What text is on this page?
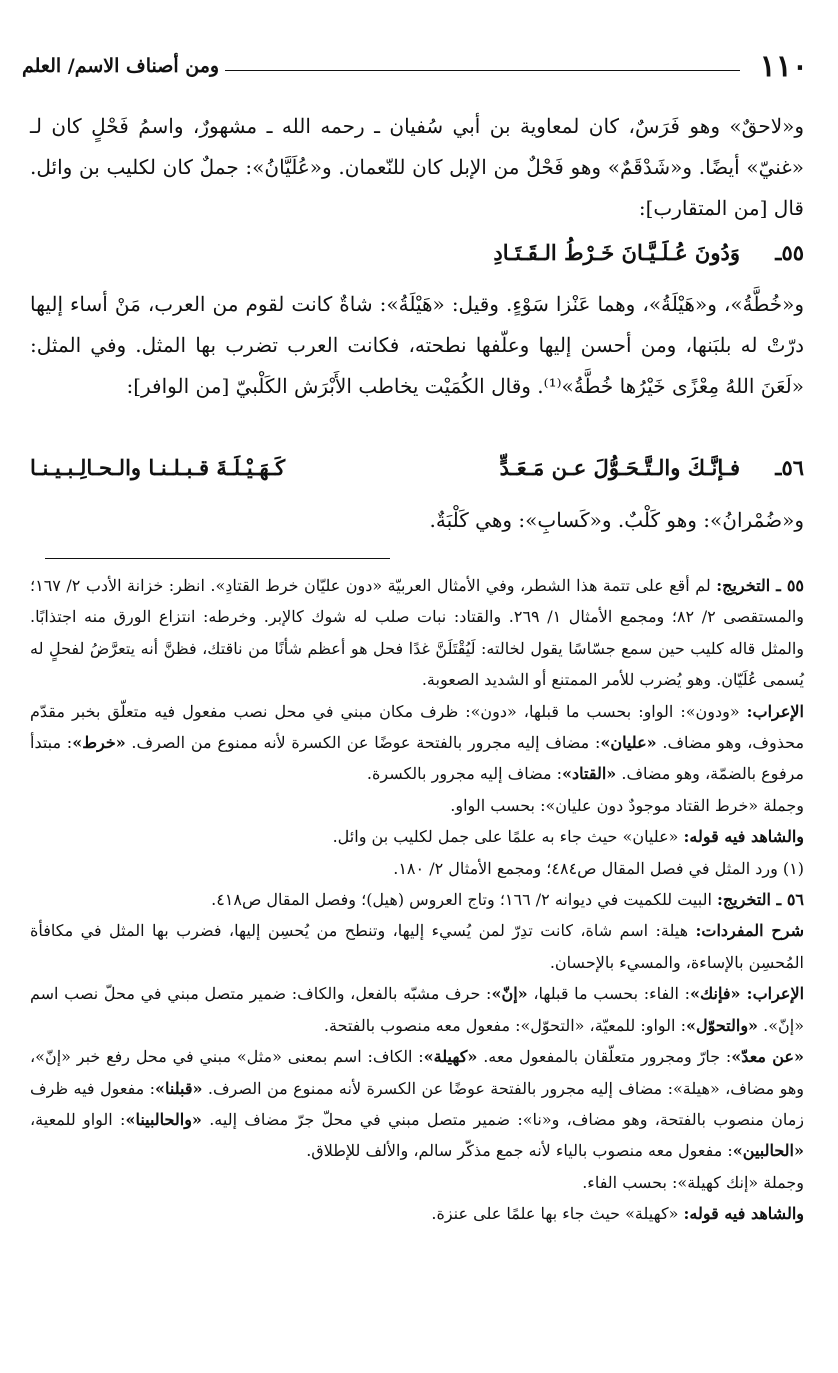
١١٠
ومن أصناف الاسم/ العلم

و«لاحقٌ» وهو فَرَسٌ، كان لمعاوية بن أبي سُفيان ـ رحمه الله ـ مشهورٌ، واسمُ فَحْلٍ كان لـ «غنيّ» أيضًا. و«شَدْقَمٌ» وهو فَحْلٌ من الإبل كان للنّعمان. و«عُلَيَّانُ»: جملٌ كان لكليب بن وائل. قال [من المتقارب]:

٥٥ـ
وَدُونَ عُـلَـيَّـانَ خَـرْطُ الـقَـتَـادِ

و«خُطَّةُ»، و«هَيْلَةُ»، وهما عَنْزا سَوْءٍ. وقيل: «هَيْلَةُ»: شاةٌ كانت لقوم من العرب، مَنْ أساء إليها درّتْ له بلبَنها، ومن أحسن إليها وعلّفها نطحته، فكانت العرب تضرب بها المثل. وفي المثل: «لَعَنَ اللهُ مِعْزًى خَيْرُها خُطَّةُ»⁽¹⁾. وقال الكُمَيْت يخاطب الأَبْرَش الكَلْبيّ [من الوافر]:

٥٦ـ
فـإنَّـكَ والـتَّـحَـوُّلَ عـن مَـعَـدٍّ
كَـهَـيْـلَـةَ قـبـلـنـا والـحـالِـبـيـنـا

و«ضُمْرانُ»: وهو كَلْبٌ. و«كَسابِ»: وهي كَلْبَةٌ.

٥٥ ـ التخريج: لم أقع على تتمة هذا الشطر، وفي الأمثال العربيّة «دون عليّان خرط القتادِ». انظر: خزانة الأدب ٢/ ١٦٧؛ والمستقصى ٢/ ٨٢؛ ومجمع الأمثال ١/ ٢٦٩. والقتاد: نبات صلب له شوك كالإبر. وخرطه: انتزاع الورق منه اجتذابًا. والمثل قاله كليب حين سمع جسّاسًا يقول لخالته: لَيُقْتَلَنَّ غدًا فحل هو أعظم شأنًا من ناقتك، فظنَّ أنه يتعرَّضُ لفحلٍ له يُسمى عُلَيّان. وهو يُضرب للأمر الممتنع أو الشديد الصعوبة.

الإعراب: «ودون»: الواو: بحسب ما قبلها، «دون»: ظرف مكان مبني في محل نصب مفعول فيه متعلّق بخبر مقدّم محذوف، وهو مضاف. «عليان»: مضاف إليه مجرور بالفتحة عوضًا عن الكسرة لأنه ممنوع من الصرف. «خرط»: مبتدأ مرفوع بالضمّة، وهو مضاف. «القتاد»: مضاف إليه مجرور بالكسرة.

وجملة «خرط القتاد موجودٌ دون عليان»: بحسب الواو.

والشاهد فيه قوله: «عليان» حيث جاء به علمًا على جمل لكليب بن وائل.

(١) ورد المثل في فصل المقال ص٤٨٤؛ ومجمع الأمثال ٢/ ١٨٠.

٥٦ ـ التخريج: البيت للكميت في ديوانه ٢/ ١٦٦؛ وتاج العروس (هيل)؛ وفصل المقال ص٤١٨.

شرح المفردات: هيلة: اسم شاة، كانت تدِرّ لمن يُسيء إليها، وتنطح من يُحسِن إليها، فضرب بها المثل في مكافأة المُحسِن بالإساءة، والمسيء بالإحسان.

الإعراب: «فإنك»: الفاء: بحسب ما قبلها، «إنّ»: حرف مشبّه بالفعل، والكاف: ضمير متصل مبني في محلّ نصب اسم «إنّ». «والتحوّل»: الواو: للمعيّة، «التحوّل»: مفعول معه منصوب بالفتحة.

«عن معدّ»: جارّ ومجرور متعلّقان بالمفعول معه. «كهيلة»: الكاف: اسم بمعنى «مثل» مبني في محل رفع خبر «إنّ»، وهو مضاف، «هيلة»: مضاف إليه مجرور بالفتحة عوضًا عن الكسرة لأنه ممنوع من الصرف. «قبلنا»: مفعول فيه ظرف زمان منصوب بالفتحة، وهو مضاف، و«نا»: ضمير متصل مبني في محلّ جرّ مضاف إليه. «والحالبينا»: الواو للمعية، «الحالبين»: مفعول معه منصوب بالياء لأنه جمع مذكّر سالم، والألف للإطلاق.

وجملة «إنك كهيلة»: بحسب الفاء.

والشاهد فيه قوله: «كهيلة» حيث جاء بها علمًا على عنزة.
